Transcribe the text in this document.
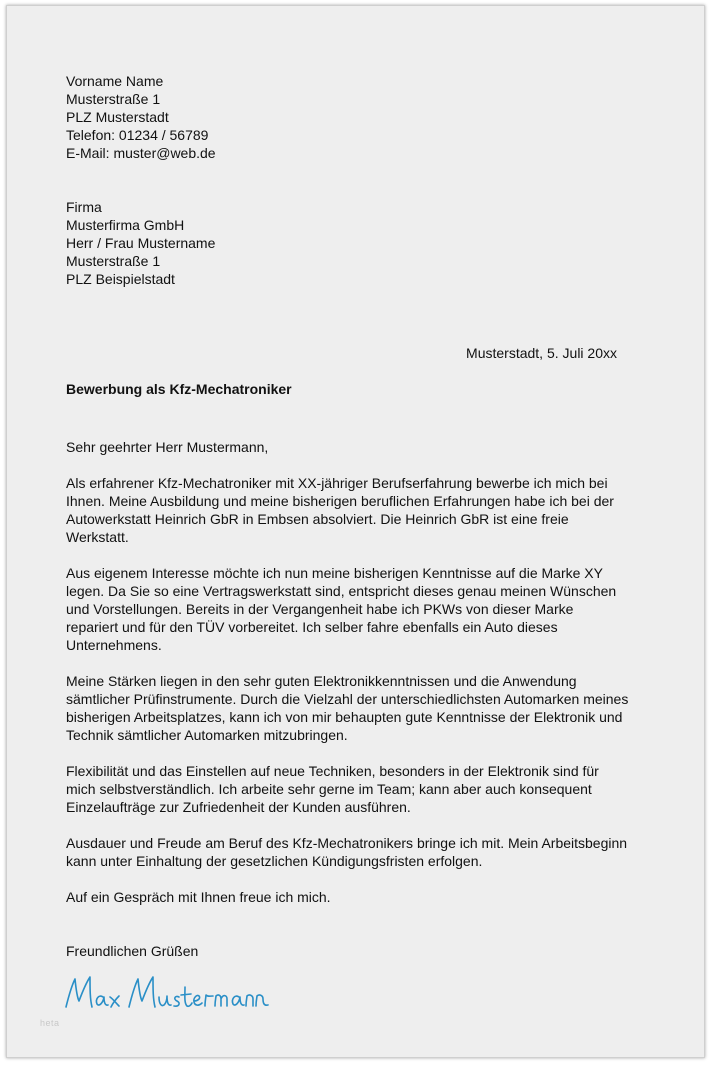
Vorname Name
Musterstraße 1
PLZ Musterstadt
Telefon: 01234 / 56789
E-Mail: muster@web.de
Firma
Musterfirma GmbH
Herr / Frau Mustername
Musterstraße 1
PLZ Beispielstadt
Musterstadt, 5. Juli 20xx
Bewerbung als Kfz-Mechatroniker
Sehr geehrter Herr Mustermann,
Als erfahrener Kfz-Mechatroniker mit XX-jähriger Berufserfahrung bewerbe ich mich bei
Ihnen. Meine Ausbildung und meine bisherigen beruflichen Erfahrungen habe ich bei der
Autowerkstatt Heinrich GbR in Embsen absolviert. Die Heinrich GbR ist eine freie
Werkstatt.
Aus eigenem Interesse möchte ich nun meine bisherigen Kenntnisse auf die Marke XY
legen. Da Sie so eine Vertragswerkstatt sind, entspricht dieses genau meinen Wünschen
und Vorstellungen. Bereits in der Vergangenheit habe ich PKWs von dieser Marke
repariert und für den TÜV vorbereitet. Ich selber fahre ebenfalls ein Auto dieses
Unternehmens.
Meine Stärken liegen in den sehr guten Elektronikkenntnissen und die Anwendung
sämtlicher Prüfinstrumente. Durch die Vielzahl der unterschiedlichsten Automarken meines
bisherigen Arbeitsplatzes, kann ich von mir behaupten gute Kenntnisse der Elektronik und
Technik sämtlicher Automarken mitzubringen.
Flexibilität und das Einstellen auf neue Techniken, besonders in der Elektronik sind für
mich selbstverständlich. Ich arbeite sehr gerne im Team; kann aber auch konsequent
Einzelaufträge zur Zufriedenheit der Kunden ausführen.
Ausdauer und Freude am Beruf des Kfz-Mechatronikers bringe ich mit. Mein Arbeitsbeginn
kann unter Einhaltung der gesetzlichen Kündigungsfristen erfolgen.
Auf ein Gespräch mit Ihnen freue ich mich.
Freundlichen Grüßen
heta
